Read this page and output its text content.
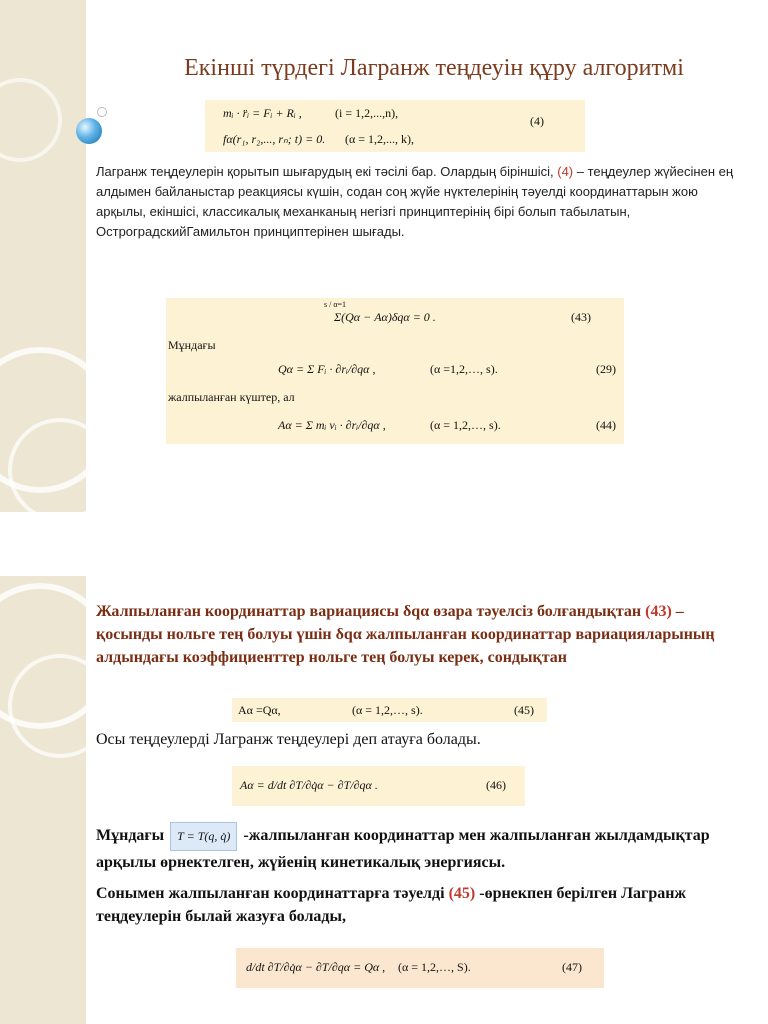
Екінші түрдегі Лагранж теңдеуін құру алгоритмі
mᵢ · r̈ᵢ = Fᵢ + Rᵢ ,	(i = 1,2,...,n),
fα(r₁, r₂,..., rₙ; t) = 0. (α = 1,2,..., k),
(4)
Лагранж теңдеулерін қорытып шығарудың екі тәсілі бар. Олардың біріншісі, (4) – теңдеулер жүйесінен ең алдымен байланыстар реакциясы күшін, содан соң жүйе нүктелерінің тәуелді координаттарын жою арқылы, екіншісі, классикалық механканың негізгі принциптерінің бірі болып табылатын, ОстроградскийГамильтон принциптерінен шығады.
s / α=1
Σ(Qα − Aα)δqα = 0 .	(43)
Мұндағы
Qα = Σ Fᵢ · ∂rᵢ/∂qα ,	(α =1,2,…, s).	(29)
жалпыланған күштер, ал
Aα = Σ mᵢ vᵢ · ∂rᵢ/∂qα ,	(α = 1,2,…, s).	(44)
Жалпыланған координаттар вариациясы δqα өзара тәуелсіз болғандықтан (43) –қосынды нольге тең болуы үшін δqα жалпыланған координаттар вариацияларының алдындағы коэффициенттер нольге тең болуы керек, сондықтан
Aα =Qα,	(α = 1,2,…, s).	(45)
Осы теңдеулерді Лагранж теңдеулері деп атауға болады.
Aα = d/dt ∂T/∂q̇α − ∂T/∂qα .	(46)
Мұндағы T = T(q, q̇) -жалпыланған координаттар мен жалпыланған жылдамдықтар арқылы өрнектелген, жүйенің кинетикалық энергиясы.
Сонымен жалпыланған координаттарға тәуелді (45) -өрнекпен берілген Лагранж теңдеулерін былай жазуға болады,
d/dt ∂T/∂q̇α − ∂T/∂qα = Qα , (α = 1,2,…, S).	(47)
